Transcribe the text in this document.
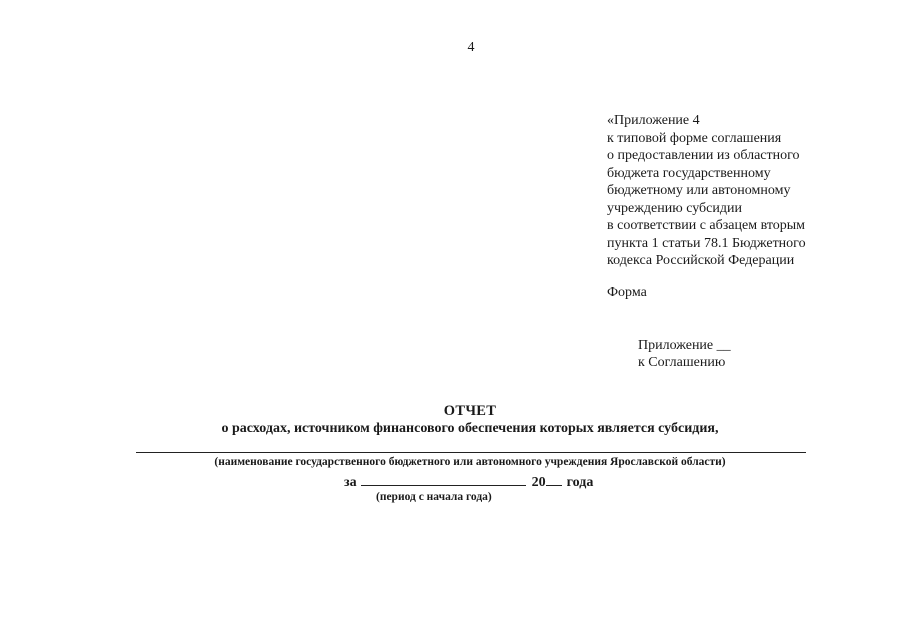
4
«Приложение 4
к типовой форме соглашения
о предоставлении из областного
бюджета государственному
бюджетному или автономному
учреждению субсидии
в соответствии с абзацем вторым
пункта 1 статьи 78.1 Бюджетного
кодекса Российской Федерации
Форма
Приложение __
к Соглашению
ОТЧЕТ
о расходах, источником финансового обеспечения которых является субсидия,
(наименование государственного бюджетного или автономного учреждения Ярославской области)
за	20 года
(период с начала года)
